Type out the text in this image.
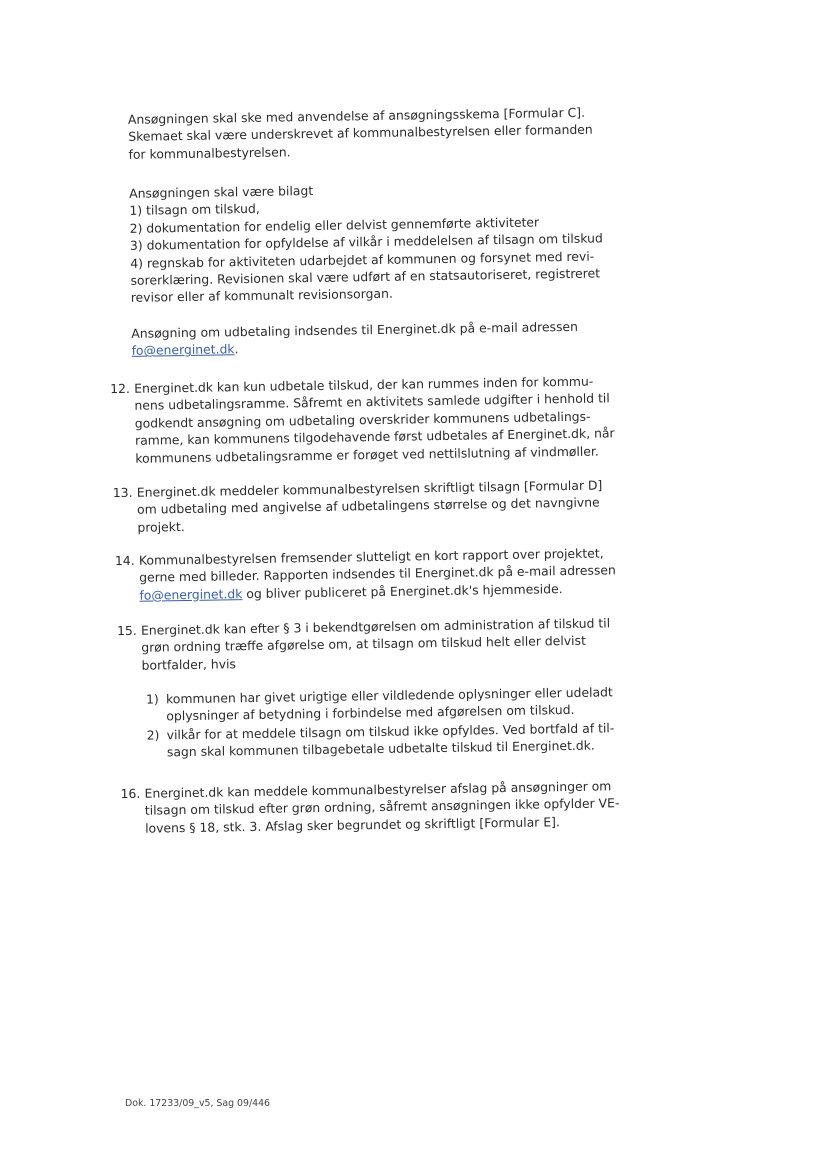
Ansøgningen skal ske med anvendelse af ansøgningsskema [Formular C].
Skemaet skal være underskrevet af kommunalbestyrelsen eller formanden
for kommunalbestyrelsen.
Ansøgningen skal være bilagt
1) tilsagn om tilskud,
2) dokumentation for endelig eller delvist gennemførte aktiviteter
3) dokumentation for opfyldelse af vilkår i meddelelsen af tilsagn om tilskud
4) regnskab for aktiviteten udarbejdet af kommunen og forsynet med revi-
sorerklæring. Revisionen skal være udført af en statsautoriseret, registreret
revisor eller af kommunalt revisionsorgan.
Ansøgning om udbetaling indsendes til Energinet.dk på e-mail adressen
fo@energinet.dk.
12. Energinet.dk kan kun udbetale tilskud, der kan rummes inden for kommu-
nens udbetalingsramme. Såfremt en aktivitets samlede udgifter i henhold til
godkendt ansøgning om udbetaling overskrider kommunens udbetalings-
ramme, kan kommunens tilgodehavende først udbetales af Energinet.dk, når
kommunens udbetalingsramme er forøget ved nettilslutning af vindmøller.
13. Energinet.dk meddeler kommunalbestyrelsen skriftligt tilsagn [Formular D]
om udbetaling med angivelse af udbetalingens størrelse og det navngivne
projekt.
14. Kommunalbestyrelsen fremsender slutteligt en kort rapport over projektet,
gerne med billeder. Rapporten indsendes til Energinet.dk på e-mail adressen
fo@energinet.dk og bliver publiceret på Energinet.dk's hjemmeside.
15. Energinet.dk kan efter § 3 i bekendtgørelsen om administration af tilskud til
grøn ordning træffe afgørelse om, at tilsagn om tilskud helt eller delvist
bortfalder, hvis
1) kommunen har givet urigtige eller vildledende oplysninger eller udeladt
oplysninger af betydning i forbindelse med afgørelsen om tilskud.
2) vilkår for at meddele tilsagn om tilskud ikke opfyldes. Ved bortfald af til-
sagn skal kommunen tilbagebetale udbetalte tilskud til Energinet.dk.
16. Energinet.dk kan meddele kommunalbestyrelser afslag på ansøgninger om
tilsagn om tilskud efter grøn ordning, såfremt ansøgningen ikke opfylder VE-
lovens § 18, stk. 3. Afslag sker begrundet og skriftligt [Formular E].
Dok. 17233/09_v5, Sag 09/446
